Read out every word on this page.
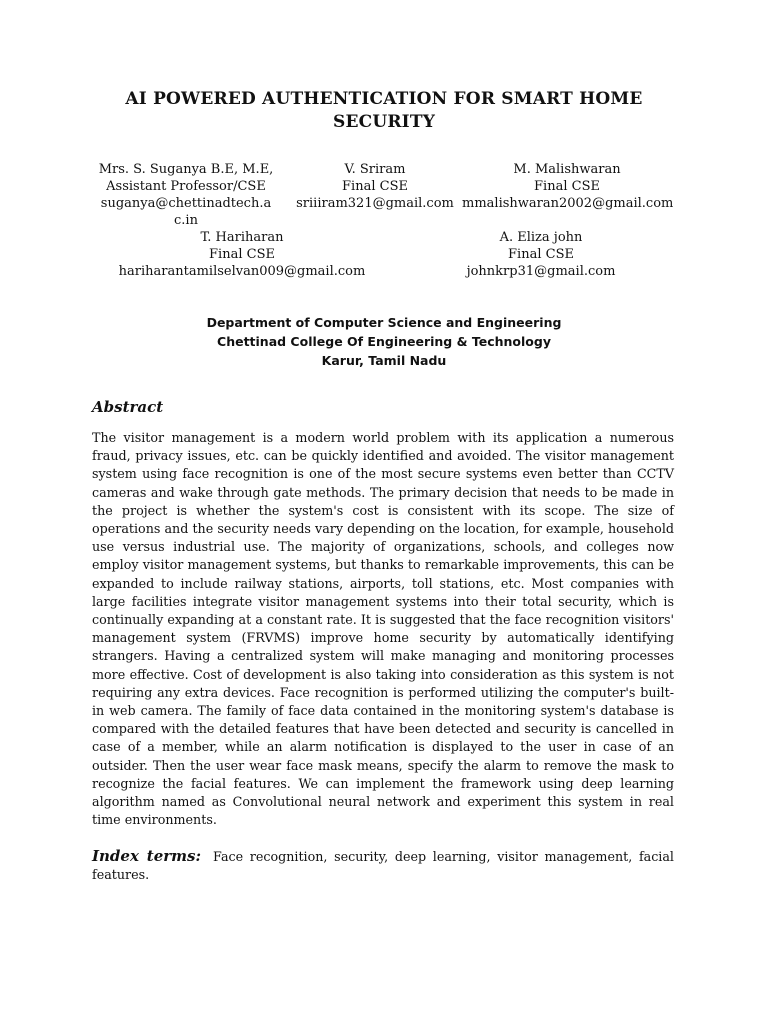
AI POWERED AUTHENTICATION FOR SMART HOME
SECURITY
Mrs. S. Suganya B.E, M.E,
Assistant Professor/CSE
suganya@chettinadtech.ac.in
V. Sriram
Final CSE
sriiiram321@gmail.com
M. Malishwaran
Final CSE
mmalishwaran2002@gmail.com
T. Hariharan
Final CSE
hariharantamilselvan009@gmail.com
A. Eliza john
Final CSE
johnkrp31@gmail.com
Department of Computer Science and Engineering
Chettinad College Of Engineering & Technology
Karur, Tamil Nadu
Abstract
The visitor management is a modern world problem with its application a numerous fraud, privacy issues, etc. can be quickly identified and avoided. The visitor management system using face recognition is one of the most secure systems even better than CCTV cameras and wake through gate methods. The primary decision that needs to be made in the project is whether the system's cost is consistent with its scope. The size of operations and the security needs vary depending on the location, for example, household use versus industrial use. The majority of organizations, schools, and colleges now employ visitor management systems, but thanks to remarkable improvements, this can be expanded to include railway stations, airports, toll stations, etc. Most companies with large facilities integrate visitor management systems into their total security, which is continually expanding at a constant rate. It is suggested that the face recognition visitors' management system (FRVMS) improve home security by automatically identifying strangers. Having a centralized system will make managing and monitoring processes more effective. Cost of development is also taking into consideration as this system is not requiring any extra devices. Face recognition is performed utilizing the computer's built-in web camera. The family of face data contained in the monitoring system's database is compared with the detailed features that have been detected and security is cancelled in case of a member, while an alarm notification is displayed to the user in case of an outsider. Then the user wear face mask means, specify the alarm to remove the mask to recognize the facial features. We can implement the framework using deep learning algorithm named as Convolutional neural network and experiment this system in real time environments.
Index terms: Face recognition, security, deep learning, visitor management, facial features.
